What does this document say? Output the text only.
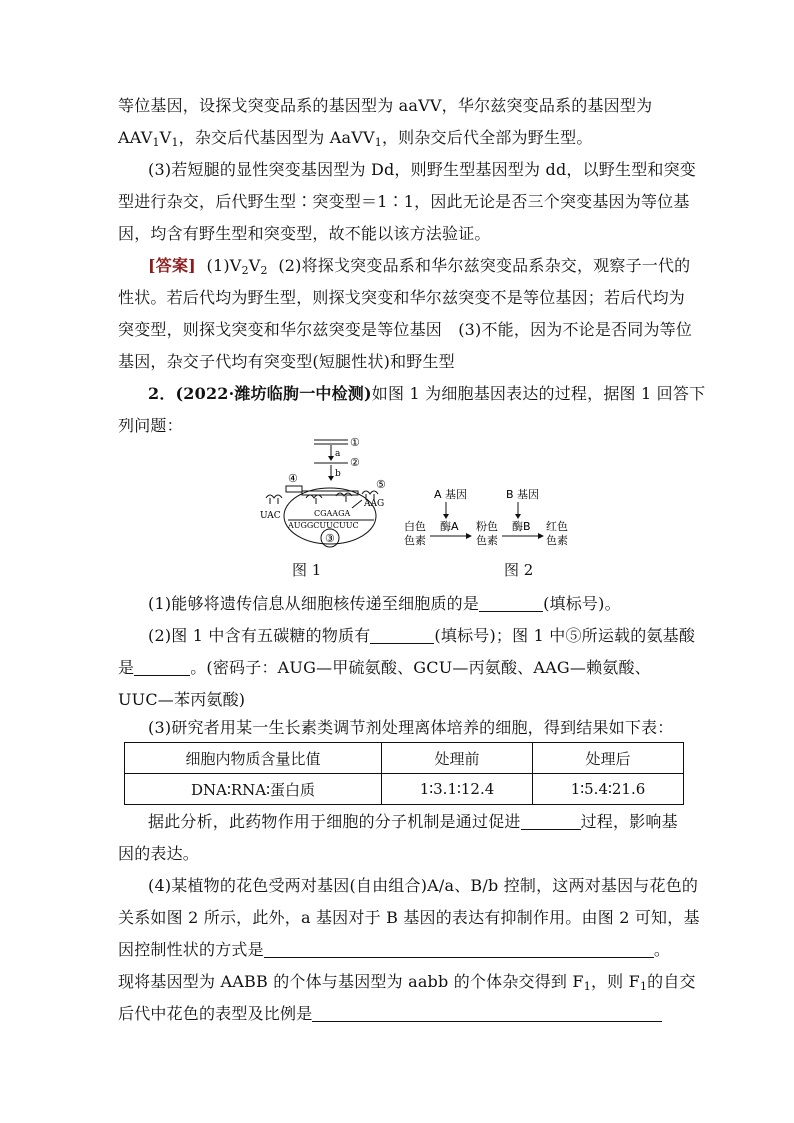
等位基因，设探戈突变品系的基因型为 aaVV，华尔兹突变品系的基因型为
$AAV_1V_1$，杂交后代基因型为 AaVV$_1$，则杂交后代全部为野生型。
(3)若短腿的显性突变基因型为 Dd，则野生型基因型为 dd，以野生型和突变
型进行杂交，后代野生型∶突变型＝1∶1，因此无论是否三个突变基因为等位基
因，均含有野生型和突变型，故不能以该方法验证。
[答案] $(1)V_2V_2$ (2)将探戈突变品系和华尔兹突变品系杂交，观察子一代的
性状。若后代均为野生型，则探戈突变和华尔兹突变不是等位基因；若后代均为
突变型，则探戈突变和华尔兹突变是等位基因　(3)不能，因为不论是否同为等位
基因，杂交子代均有突变型(短腿性状)和野生型
2．(2022·潍坊临朐一中检测)如图 1 为细胞基因表达的过程，据图 1 回答下
列问题：
①
a
②
b
④	⑤
UAC	CGAAGA
AUGGCUUCUUC
③
AAG
A 基因	B 基因
白色
色素
酶A 粉色
色素
酶B 红色
色素
图 1	图 2
(1)能够将遗传信息从细胞核传递至细胞质的是	(填标号)。
(2)图 1 中含有五碳糖的物质有	(填标号)；图 1 中⑤所运载的氨基酸
是	。(密码子：AUG—甲硫氨酸、GCU—丙氨酸、AAG—赖氨酸、
UUC—苯丙氨酸)
(3)研究者用某一生长素类调节剂处理离体培养的细胞，得到结果如下表：
细胞内物质含量比值	处理前	处理后
DNA∶RNA∶蛋白质	1∶3.1∶12.4	1∶5.4∶21.6
据此分析，此药物作用于细胞的分子机制是通过促进	过程，影响基
因的表达。
(4)某植物的花色受两对基因(自由组合)A/a、B/b 控制，这两对基因与花色的
关系如图 2 所示，此外，a 基因对于 B 基因的表达有抑制作用。由图 2 可知，基
因控制性状的方式是	。
现将基因型为 AABB 的个体与基因型为 aabb 的个体杂交得到 $F_1$，则 $F_1$的自交
后代中花色的表型及比例是
